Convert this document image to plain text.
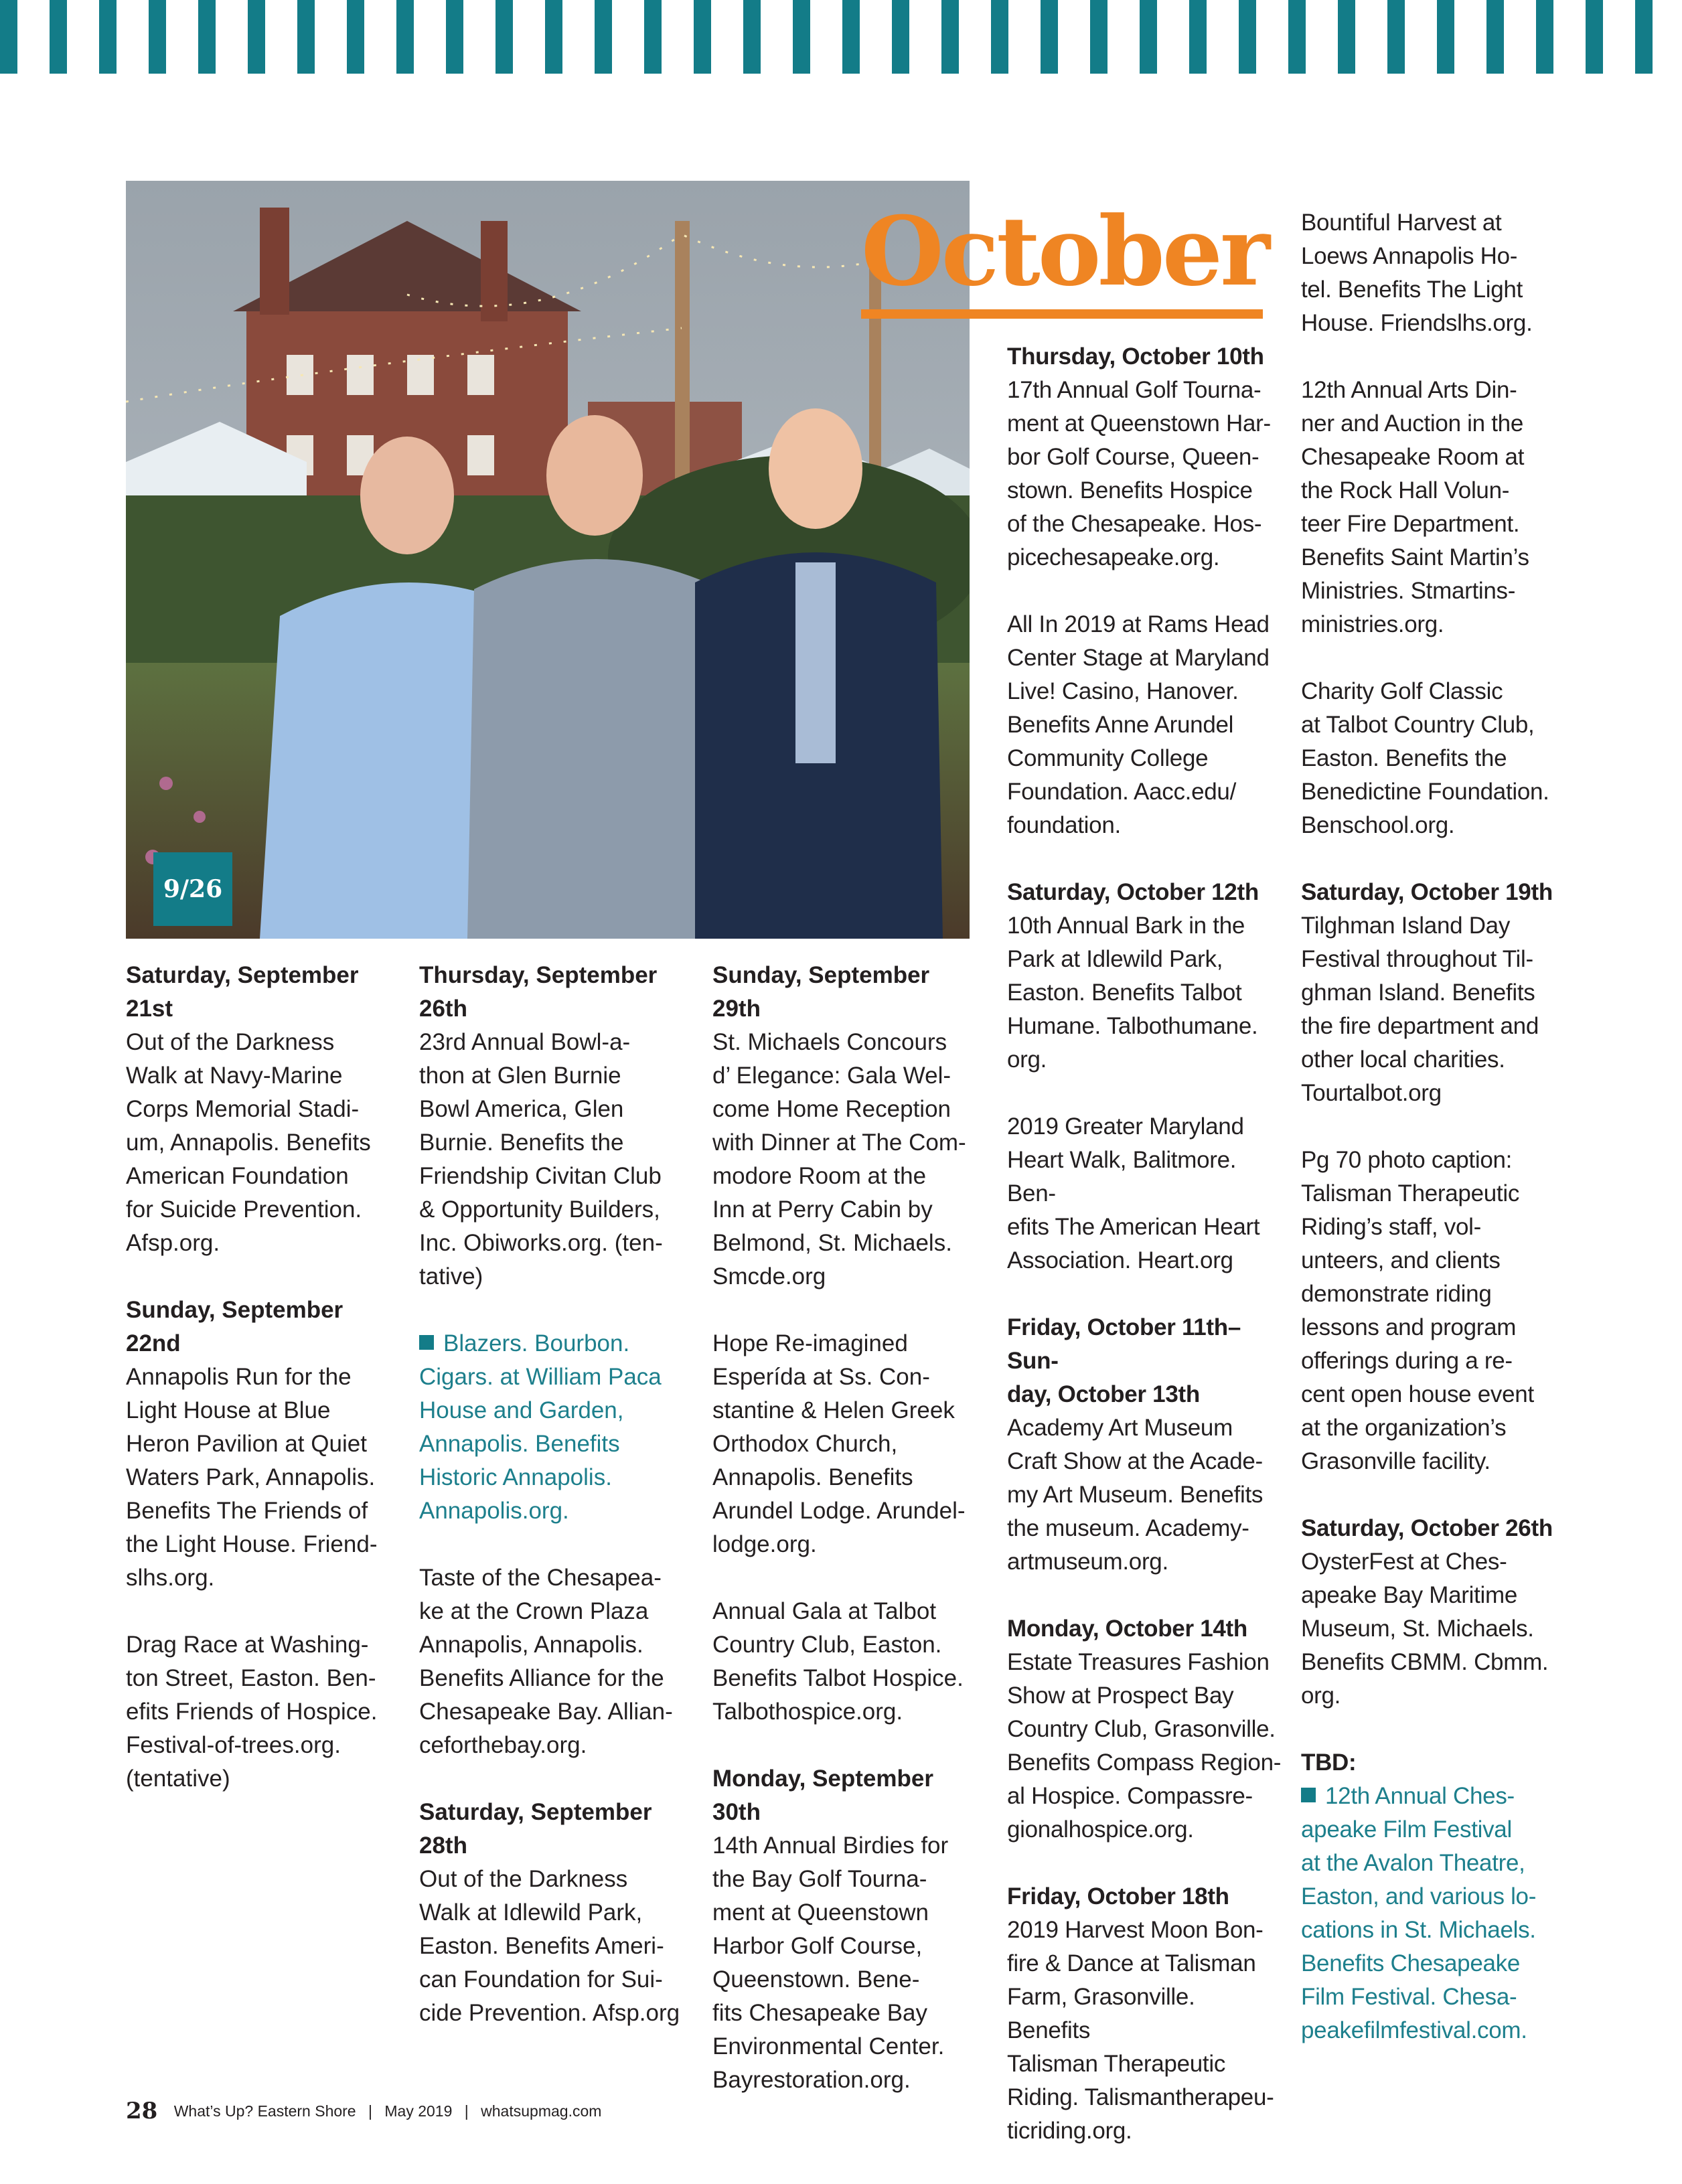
9/26
October
Saturday, September
21st

Out of the Darkness
Walk at Navy-Marine
Corps Memorial Stadi-
um, Annapolis. Benefits
American Foundation
for Suicide Prevention.
Afsp.org.

Sunday, September 22nd

Annapolis Run for the
Light House at Blue
Heron Pavilion at Quiet
Waters Park, Annapolis.
Benefits The Friends of
the Light House. Friend-
slhs.org.

Drag Race at Washing-
ton Street, Easton. Ben-
efits Friends of Hospice.
Festival-of-trees.org.
(tentative)

Thursday, September
26th

23rd Annual Bowl-a-
thon at Glen Burnie
Bowl America, Glen
Burnie. Benefits the
Friendship Civitan Club
& Opportunity Builders,
Inc. Obiworks.org. (ten-
tative)

Blazers. Bourbon.
Cigars. at William Paca
House and Garden,
Annapolis. Benefits
Historic Annapolis.
Annapolis.org.

Taste of the Chesapea-
ke at the Crown Plaza
Annapolis, Annapolis.
Benefits Alliance for the
Chesapeake Bay. Allian-
ceforthebay.org.

Saturday, September
28th

Out of the Darkness
Walk at Idlewild Park,
Easton. Benefits Ameri-
can Foundation for Sui-
cide Prevention. Afsp.org

Sunday, September
29th

St. Michaels Concours
d’ Elegance: Gala Wel-
come Home Reception
with Dinner at The Com-
modore Room at the
Inn at Perry Cabin by
Belmond, St. Michaels.
Smcde.org

Hope Re-imagined
Esperída at Ss. Con-
stantine & Helen Greek
Orthodox Church,
Annapolis. Benefits
Arundel Lodge. Arundel-
lodge.org.

Annual Gala at Talbot
Country Club, Easton.
Benefits Talbot Hospice.
Talbothospice.org.

Monday, September 30th

14th Annual Birdies for
the Bay Golf Tourna-
ment at Queenstown
Harbor Golf Course,
Queenstown. Bene-
fits Chesapeake Bay
Environmental Center.
Bayrestoration.org.

Thursday, October 10th

17th Annual Golf Tourna-
ment at Queenstown Har-
bor Golf Course, Queen-
stown. Benefits Hospice
of the Chesapeake. Hos-
picechesapeake.org.

All In 2019 at Rams Head
Center Stage at Maryland
Live! Casino, Hanover.
Benefits Anne Arundel
Community College
Foundation. Aacc.edu/
foundation.

Saturday, October 12th

10th Annual Bark in the
Park at Idlewild Park,
Easton. Benefits Talbot
Humane. Talbothumane.
org.

2019 Greater Maryland
Heart Walk, Balitmore. Ben-
efits The American Heart
Association. Heart.org

Friday, October 11th–Sun-
day, October 13th

Academy Art Museum
Craft Show at the Acade-
my Art Museum. Benefits
the museum. Academy-
artmuseum.org.

Monday, October 14th

Estate Treasures Fashion
Show at Prospect Bay
Country Club, Grasonville.
Benefits Compass Region-
al Hospice. Compassre-
gionalhospice.org.

Friday, October 18th

2019 Harvest Moon Bon-
fire & Dance at Talisman
Farm, Grasonville. Benefits
Talisman Therapeutic
Riding. Talismantherapeu-
ticriding.org.

Bountiful Harvest at
Loews Annapolis Ho-
tel. Benefits The Light
House. Friendslhs.org.

12th Annual Arts Din-
ner and Auction in the
Chesapeake Room at
the Rock Hall Volun-
teer Fire Department.
Benefits Saint Martin’s
Ministries. Stmartins-
ministries.org.

Charity Golf Classic
at Talbot Country Club,
Easton. Benefits the
Benedictine Foundation.
Benschool.org.

Saturday, October 19th

Tilghman Island Day
Festival throughout Til-
ghman Island. Benefits
the fire department and
other local charities.
Tourtalbot.org

Pg 70 photo caption:
Talisman Therapeutic
Riding’s staff, vol-
unteers, and clients
demonstrate riding
lessons and program
offerings during a re-
cent open house event
at the organization’s
Grasonville facility.

Saturday, October 26th

OysterFest at Ches-
apeake Bay Maritime
Museum, St. Michaels.
Benefits CBMM. Cbmm.
org.

TBD:

12th Annual Ches-
apeake Film Festival
at the Avalon Theatre,
Easton, and various lo-
cations in St. Michaels.
Benefits Chesapeake
Film Festival. Chesa-
peakefilmfestival.com.

28 What’s Up? Eastern Shore | May 2019 | whatsupmag.com
